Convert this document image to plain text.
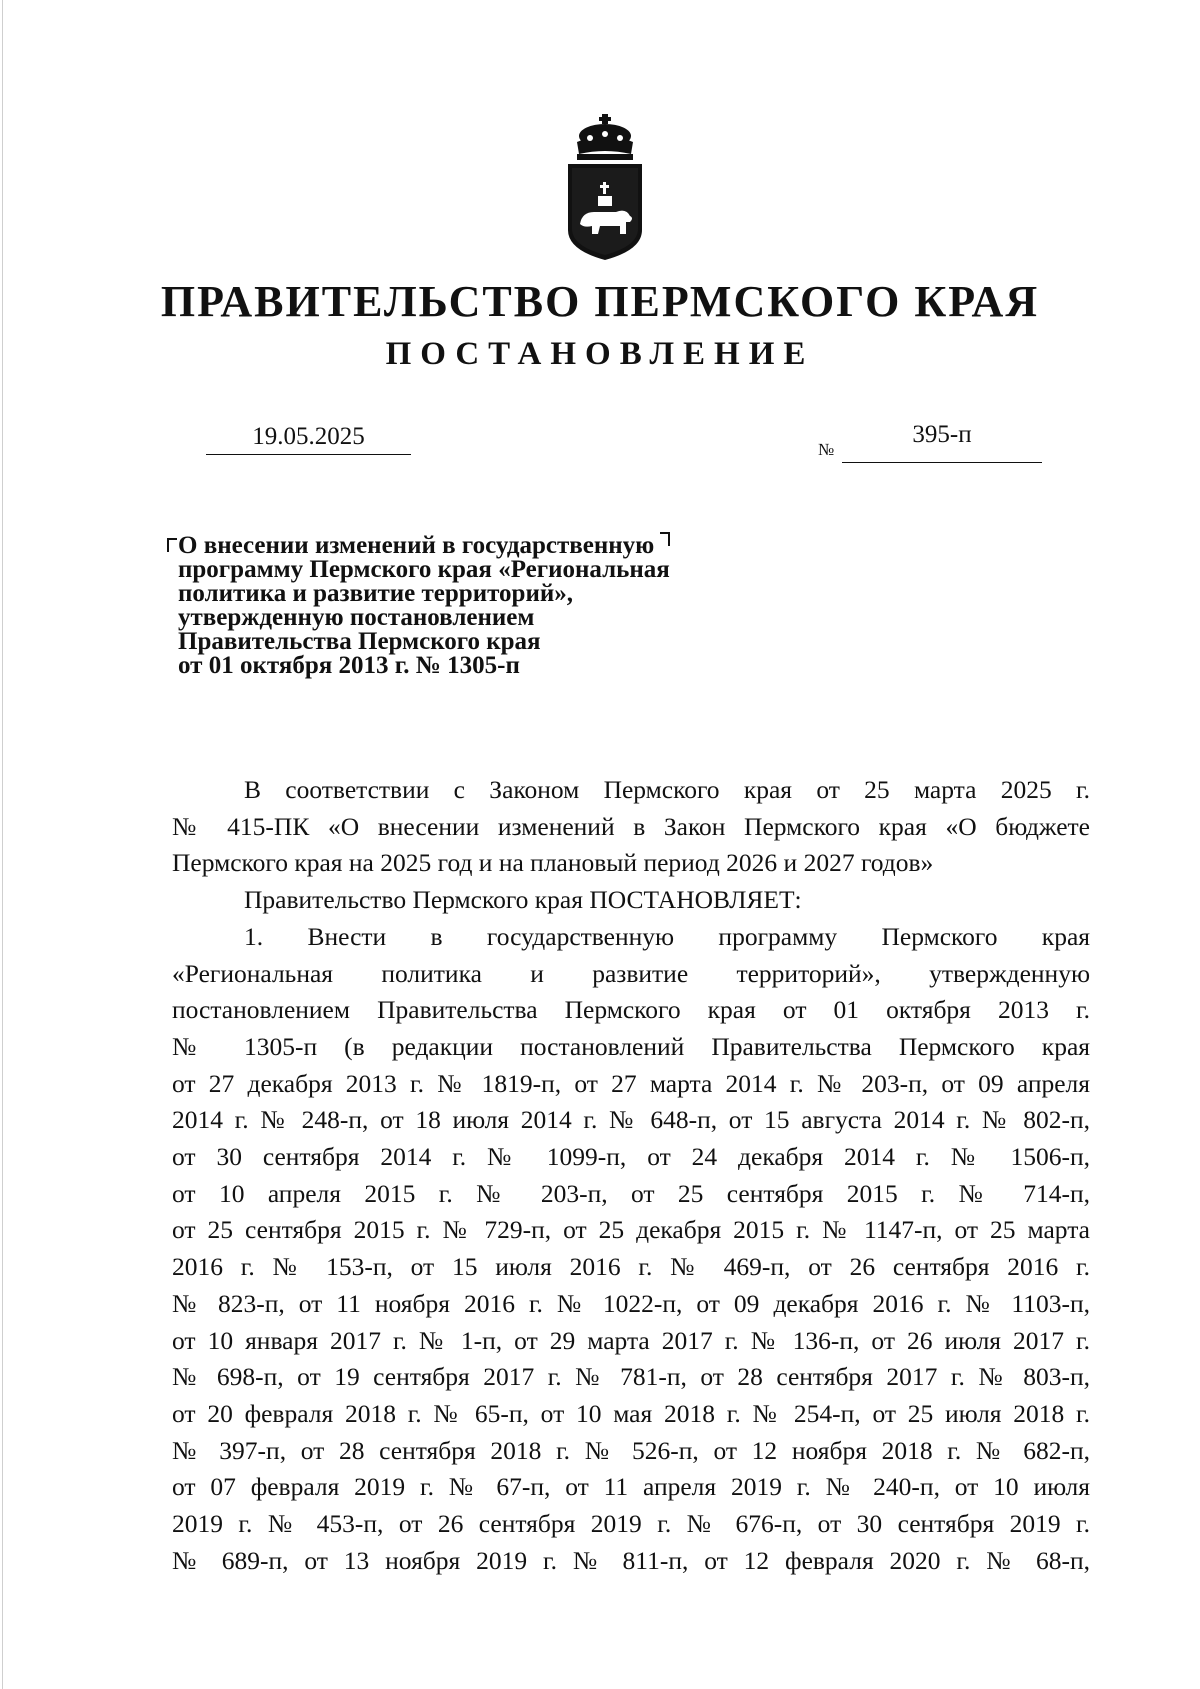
ПРАВИТЕЛЬСТВО ПЕРМСКОГО КРАЯ
ПОСТАНОВЛЕНИЕ
19.05.2025	№
395-п
О внесении изменений в государственную
программу Пермского края «Региональная
политика и развитие территорий»,
утвержденную постановлением
Правительства Пермского края
от 01 октября 2013 г. № 1305-п
В соответствии с Законом Пермского края от 25 марта 2025 г.
№ 415-ПК «О внесении изменений в Закон Пермского края «О бюджете
Пермского края на 2025 год и на плановый период 2026 и 2027 годов»
Правительство Пермского края ПОСТАНОВЛЯЕТ:
1. Внести в государственную программу Пермского края
«Региональная политика и развитие территорий», утвержденную
постановлением Правительства Пермского края от 01 октября 2013 г.
№ 1305-п (в редакции постановлений Правительства Пермского края
от 27 декабря 2013 г. № 1819-п, от 27 марта 2014 г. № 203-п, от 09 апреля
2014 г. № 248-п, от 18 июля 2014 г. № 648-п, от 15 августа 2014 г. № 802-п,
от 30 сентября 2014 г. № 1099-п, от 24 декабря 2014 г. № 1506-п,
от 10 апреля 2015 г. № 203-п, от 25 сентября 2015 г. № 714-п,
от 25 сентября 2015 г. № 729-п, от 25 декабря 2015 г. № 1147-п, от 25 марта
2016 г. № 153-п, от 15 июля 2016 г. № 469-п, от 26 сентября 2016 г.
№ 823-п, от 11 ноября 2016 г. № 1022-п, от 09 декабря 2016 г. № 1103-п,
от 10 января 2017 г. № 1-п, от 29 марта 2017 г. № 136-п, от 26 июля 2017 г.
№ 698-п, от 19 сентября 2017 г. № 781-п, от 28 сентября 2017 г. № 803-п,
от 20 февраля 2018 г. № 65-п, от 10 мая 2018 г. № 254-п, от 25 июля 2018 г.
№ 397-п, от 28 сентября 2018 г. № 526-п, от 12 ноября 2018 г. № 682-п,
от 07 февраля 2019 г. № 67-п, от 11 апреля 2019 г. № 240-п, от 10 июля
2019 г. № 453-п, от 26 сентября 2019 г. № 676-п, от 30 сентября 2019 г.
№ 689-п, от 13 ноября 2019 г. № 811-п, от 12 февраля 2020 г. № 68-п,
